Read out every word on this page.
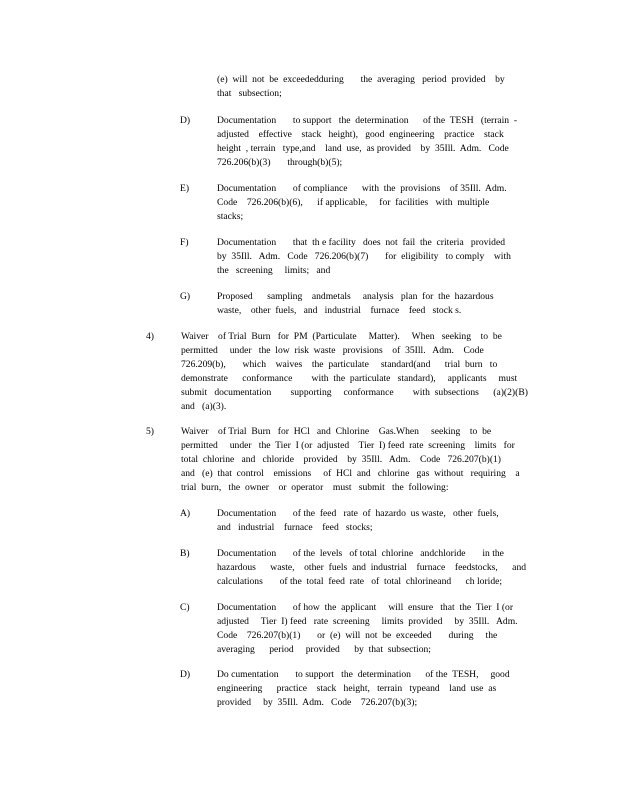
(e)  will  not  be  exceededduring       the  averaging   period  provided    by
that   subsection;
D)	Documentation       to support   the  determination      of the  TESH   (terrain  -
adjusted    effective    stack   height),   good  engineering    practice    stack
height  , terrain   type,and    land  use,  as provided    by  35Ill.  Adm.   Code
726.206(b)(3)       through(b)(5);
E)	Documentation       of compliance      with  the  provisions    of 35Ill.  Adm.
Code    726.206(b)(6),      if applicable,     for  facilities   with  multiple
stacks;
F)	Documentation       that  th e facility   does  not  fail  the  criteria   provided
by  35Ill.   Adm.   Code   726.206(b)(7)       for  eligibility   to comply    with
the   screening     limits;   and
G)	Proposed      sampling    andmetals     analysis   plan  for  the  hazardous
waste,    other  fuels,   and   industrial    furnace    feed   stock s.
4)	Waiver    of Trial  Burn   for  PM  (Particulate     Matter).     When   seeking    to  be
permitted     under   the  low  risk  waste   provisions    of  35Ill.   Adm.    Code
726.209(b),       which    waives    the  particulate     standard(and      trial  burn   to
demonstrate      conformance        with  the  particulate   standard),     applicants     must
submit   documentation        supporting     conformance        with  subsections      (a)(2)(B)
and   (a)(3).
5)	Waiver    of Trial  Burn   for  HCl   and  Chlorine    Gas.When     seeking    to  be
permitted     under   the  Tier  I (or  adjusted    Tier  I) feed  rate  screening    limits   for
total  chlorine   and   chloride    provided    by  35Ill.   Adm.    Code   726.207(b)(1)
and   (e)  that  control    emissions     of  HCl  and   chlorine   gas  without   requiring    a
trial  burn,   the  owner    or  operator    must   submit   the  following:
A)	Documentation       of the  feed   rate  of  hazardo  us waste,   other  fuels,
and   industrial    furnace    feed   stocks;
B)	Documentation       of the  levels   of total  chlorine   andchloride       in the
hazardous      waste,    other  fuels  and  industrial    furnace    feedstocks,      and
calculations       of the  total  feed  rate   of  total  chlorineand      ch loride;
C)	Documentation       of how  the  applicant     will  ensure   that  the  Tier  I (or
adjusted     Tier  I) feed   rate  screening     limits  provided     by  35Ill.   Adm.
Code    726.207(b)(1)       or  (e)  will  not  be  exceeded       during     the
averaging      period     provided      by  that  subsection;
D)	Do cumentation       to support   the  determination      of the  TESH,     good
engineering      practice    stack   height,   terrain   typeand    land  use  as
provided     by  35Ill.  Adm.   Code    726.207(b)(3);
